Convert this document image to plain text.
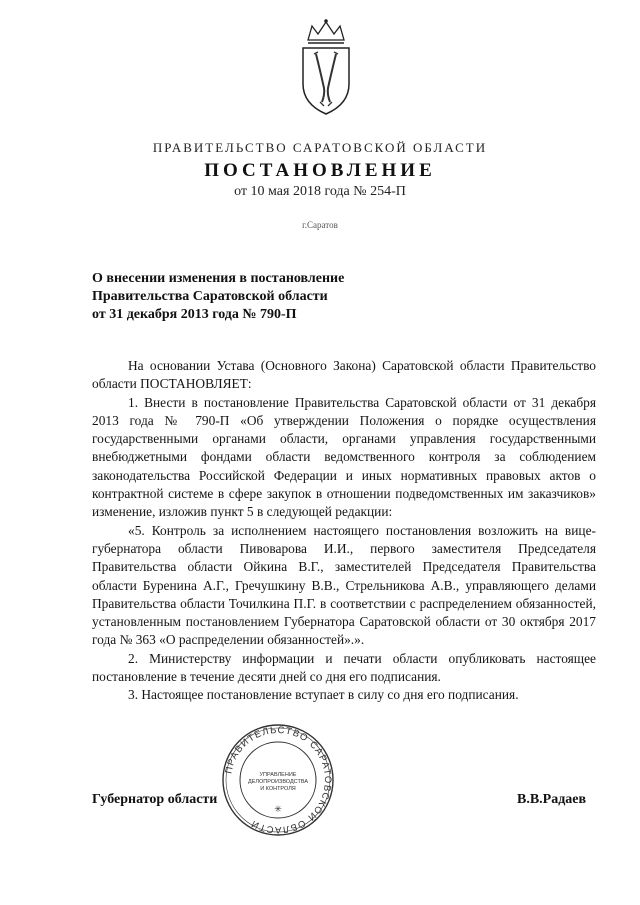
ПРАВИТЕЛЬСТВО САРАТОВСКОЙ ОБЛАСТИ
ПОСТАНОВЛЕНИЕ
от 10 мая 2018 года № 254-П
г.Саратов
О внесении изменения в постановление
Правительства Саратовской области
от 31 декабря 2013 года № 790-П

На основании Устава (Основного Закона) Саратовской области Правительство области ПОСТАНОВЛЯЕТ:

1. Внести в постановление Правительства Саратовской области от 31 декабря 2013 года № 790-П «Об утверждении Положения о порядке осуществления государственными органами области, органами управления государственными внебюджетными фондами области ведомственного контроля за соблюдением законодательства Российской Федерации и иных нормативных правовых актов о контрактной системе в сфере закупок в отношении подведомственных им заказчиков» изменение, изложив пункт 5 в следующей редакции:

«5. Контроль за исполнением настоящего постановления возложить на вице-губернатора области Пивоварова И.И., первого заместителя Председателя Правительства области Ойкина В.Г., заместителей Председателя Правительства области Буренина А.Г., Гречушкину В.В., Стрельникова А.В., управляющего делами Правительства области Точилкина П.Г. в соответствии с распределением обязанностей, установленным постановлением Губернатора Саратовской области от 30 октября 2017 года № 363 «О распределении обязанностей».».

2. Министерству информации и печати области опубликовать настоящее постановление в течение десяти дней со дня его подписания.

3. Настоящее постановление вступает в силу со дня его подписания.

Губернатор области	В.В.Радаев
ПРАВИТЕЛЬСТВО САРАТОВСКОЙ ОБЛАСТИ
✳
УПРАВЛЕНИЕ
ДЕЛОПРОИЗВОДСТВА
И КОНТРОЛЯ
